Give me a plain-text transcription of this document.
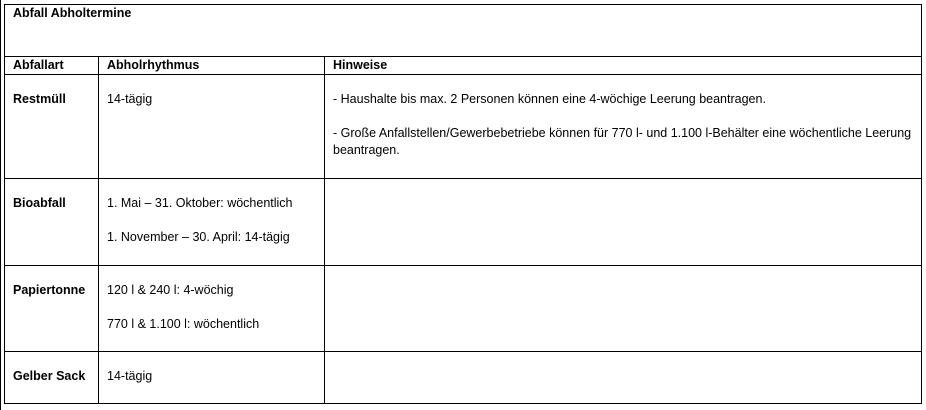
Abfall Abholtermine		
Abfallart	Abholrhythmus	Hinweise

Restmüll	14-tägig	- Haushalte bis max. 2 Personen können eine 4-wöchige Leerung beantragen.
- Große Anfallstellen/Gewerbebetriebe können für 770 l- und 1.100 l-Behälter eine wöchentliche Leerung beantragen.

Bioabfall	1. Mai – 31. Oktober: wöchentlich
1. November – 30. April: 14-tägig	

Papiertonne	120 l & 240 l: 4-wöchig
770 l & 1.100 l: wöchentlich	

Gelber Sack	14-tägig	
